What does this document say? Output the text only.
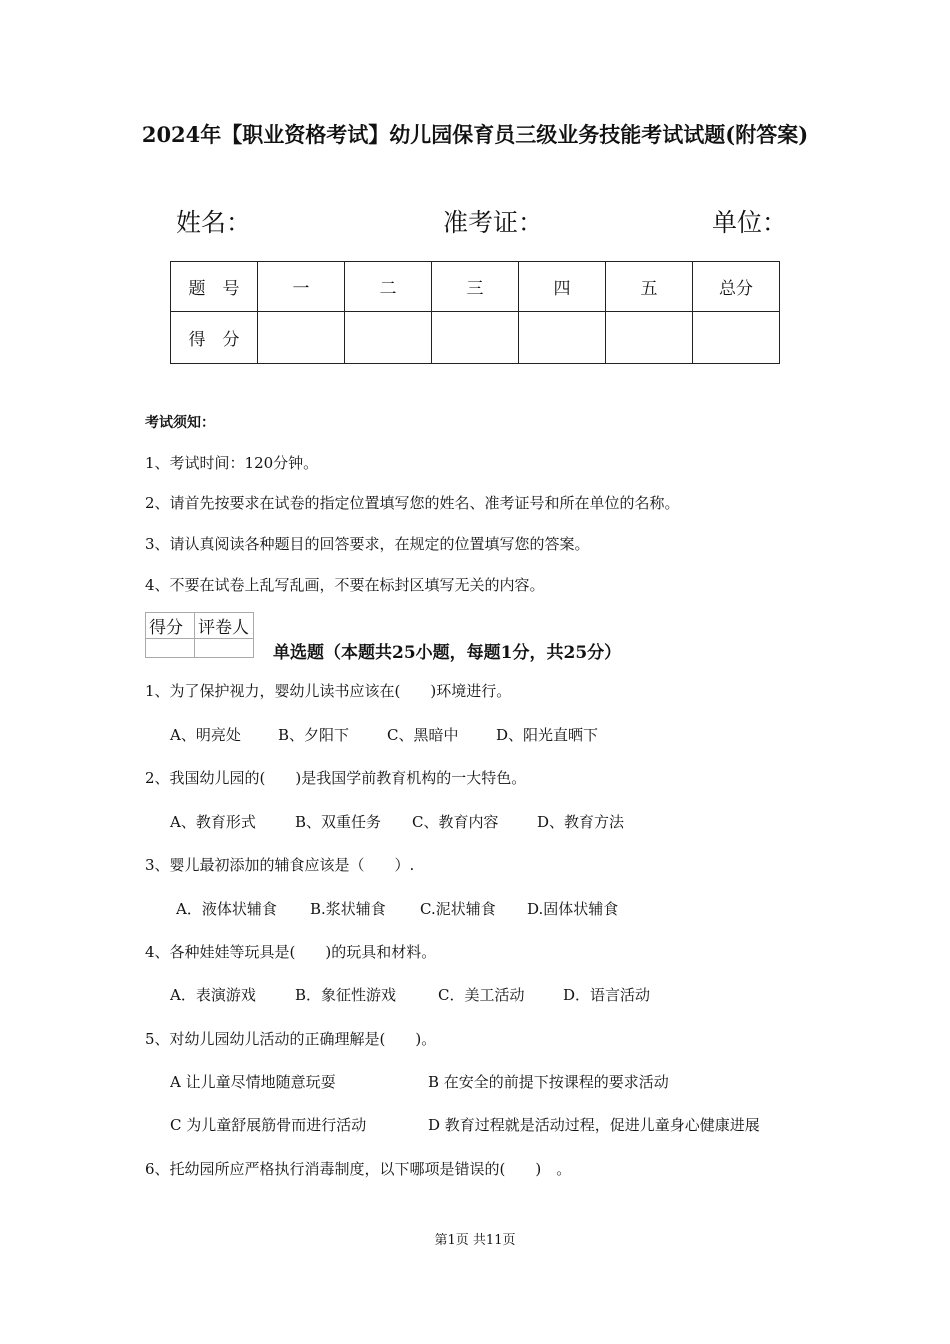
2024年【职业资格考试】幼儿园保育员三级业务技能考试试题(附答案)
姓名：	准考证：	单位：
题　号	一	二	三	四	五	总分
得　分						
考试须知：
1、考试时间：120分钟。
2、请首先按要求在试卷的指定位置填写您的姓名、准考证号和所在单位的名称。
3、请认真阅读各种题目的回答要求，在规定的位置填写您的答案。
4、不要在试卷上乱写乱画，不要在标封区填写无关的内容。
得分	评卷人

单选题（本题共25小题，每题1分，共25分）
1、为了保护视力，婴幼儿读书应该在(　　)环境进行。
A、明亮处 B、夕阳下	C、黑暗中	D、阳光直晒下
2、我国幼儿园的(　　)是我国学前教育机构的一大特色。
A、教育形式	B、双重任务 C、教育内容	D、教育方法
3、婴儿最初添加的辅食应该是（　　）.
A．液体状辅食 B.浆状辅食 C.泥状辅食 D.固体状辅食
4、各种娃娃等玩具是(　　)的玩具和材料。
A．表演游戏	B．象征性游戏	C．美工活动	D．语言活动
5、对幼儿园幼儿活动的正确理解是(　　)。
A 让儿童尽情地随意玩耍	B 在安全的前提下按课程的要求活动
C 为儿童舒展筋骨而进行活动	D 教育过程就是活动过程，促进儿童身心健康进展
6、托幼园所应严格执行消毒制度，以下哪项是错误的(　　)　。
第1页 共11页
